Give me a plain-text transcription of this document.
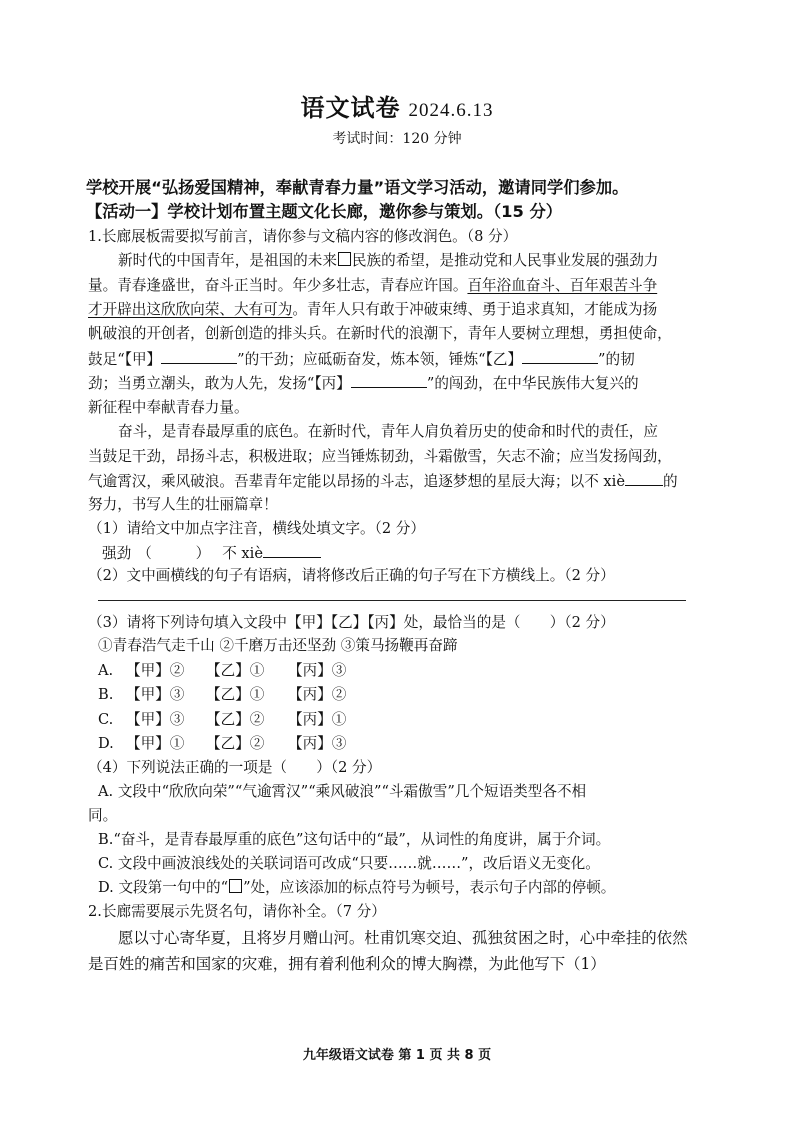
语文试卷 2024.6.13
考试时间：120 分钟
学校开展“弘扬爱国精神，奉献青春力量”语文学习活动，邀请同学们参加。
【活动一】学校计划布置主题文化长廊，邀你参与策划。（15 分）
1.长廊展板需要拟写前言，请你参与文稿内容的修改润色。（8 分）
新时代的中国青年，是祖国的未来 民族的希望，是推动党和人民事业发展的强劲力
量。青春逢盛世，奋斗正当时。年少多壮志，青春应许国。百年浴血奋斗、百年艰苦斗争
才开辟出这欣欣向荣、大有可为。青年人只有敢于冲破束缚、勇于追求真知，才能成为扬
帆破浪的开创者，创新创造的排头兵。在新时代的浪潮下，青年人要树立理想，勇担使命，
鼓足“【甲】	”的干劲；应砥砺奋发，炼本领，锤炼“【乙】	”的韧
劲；当勇立潮头，敢为人先，发扬“【丙】	”的闯劲，在中华民族伟大复兴的
新征程中奉献青春力量。
奋斗，是青春最厚重的底色。在新时代，青年人肩负着历史的使命和时代的责任，应
当鼓足干劲，昂扬斗志，积极进取；应当锤炼韧劲，斗霜傲雪，矢志不渝；应当发扬闯劲，
气逾霄汉，乘风破浪。吾辈青年定能以昂扬的斗志，追逐梦想的星辰大海；以不 xiè	的
努力，书写人生的壮丽篇章！
（1）请给文中加点字注音，横线处填文字。（2 分）
强劲 （　　　） 不 xiè
（2）文中画横线的句子有语病，请将修改后正确的句子写在下方横线上。（2 分）
（3）请将下列诗句填入文段中【甲】【乙】【丙】处，最恰当的是（　　）（2 分）
①青春浩气走千山 ②千磨万击还坚劲 ③策马扬鞭再奋蹄
A. 【甲】② 【乙】① 【丙】③
B. 【甲】③ 【乙】① 【丙】②
C. 【甲】③ 【乙】② 【丙】①
D. 【甲】① 【乙】② 【丙】③
（4）下列说法正确的一项是（　　）（2 分）
A. 文段中“欣欣向荣”“气逾霄汉”“乘风破浪”“斗霜傲雪”几个短语类型各不相
同。
B.“奋斗，是青春最厚重的底色”这句话中的“最”，从词性的角度讲，属于介词。
C. 文段中画波浪线处的关联词语可改成“只要……就……”，改后语义无变化。
D. 文段第一句中的“ ”处，应该添加的标点符号为顿号，表示句子内部的停顿。
2.长廊需要展示先贤名句，请你补全。（7 分）
愿以寸心寄华夏，且将岁月赠山河。杜甫饥寒交迫、孤独贫困之时，心中牵挂的依然
是百姓的痛苦和国家的灾难，拥有着利他利众的博大胸襟，为此他写下（1）
九年级语文试卷 第 1 页 共 8 页
